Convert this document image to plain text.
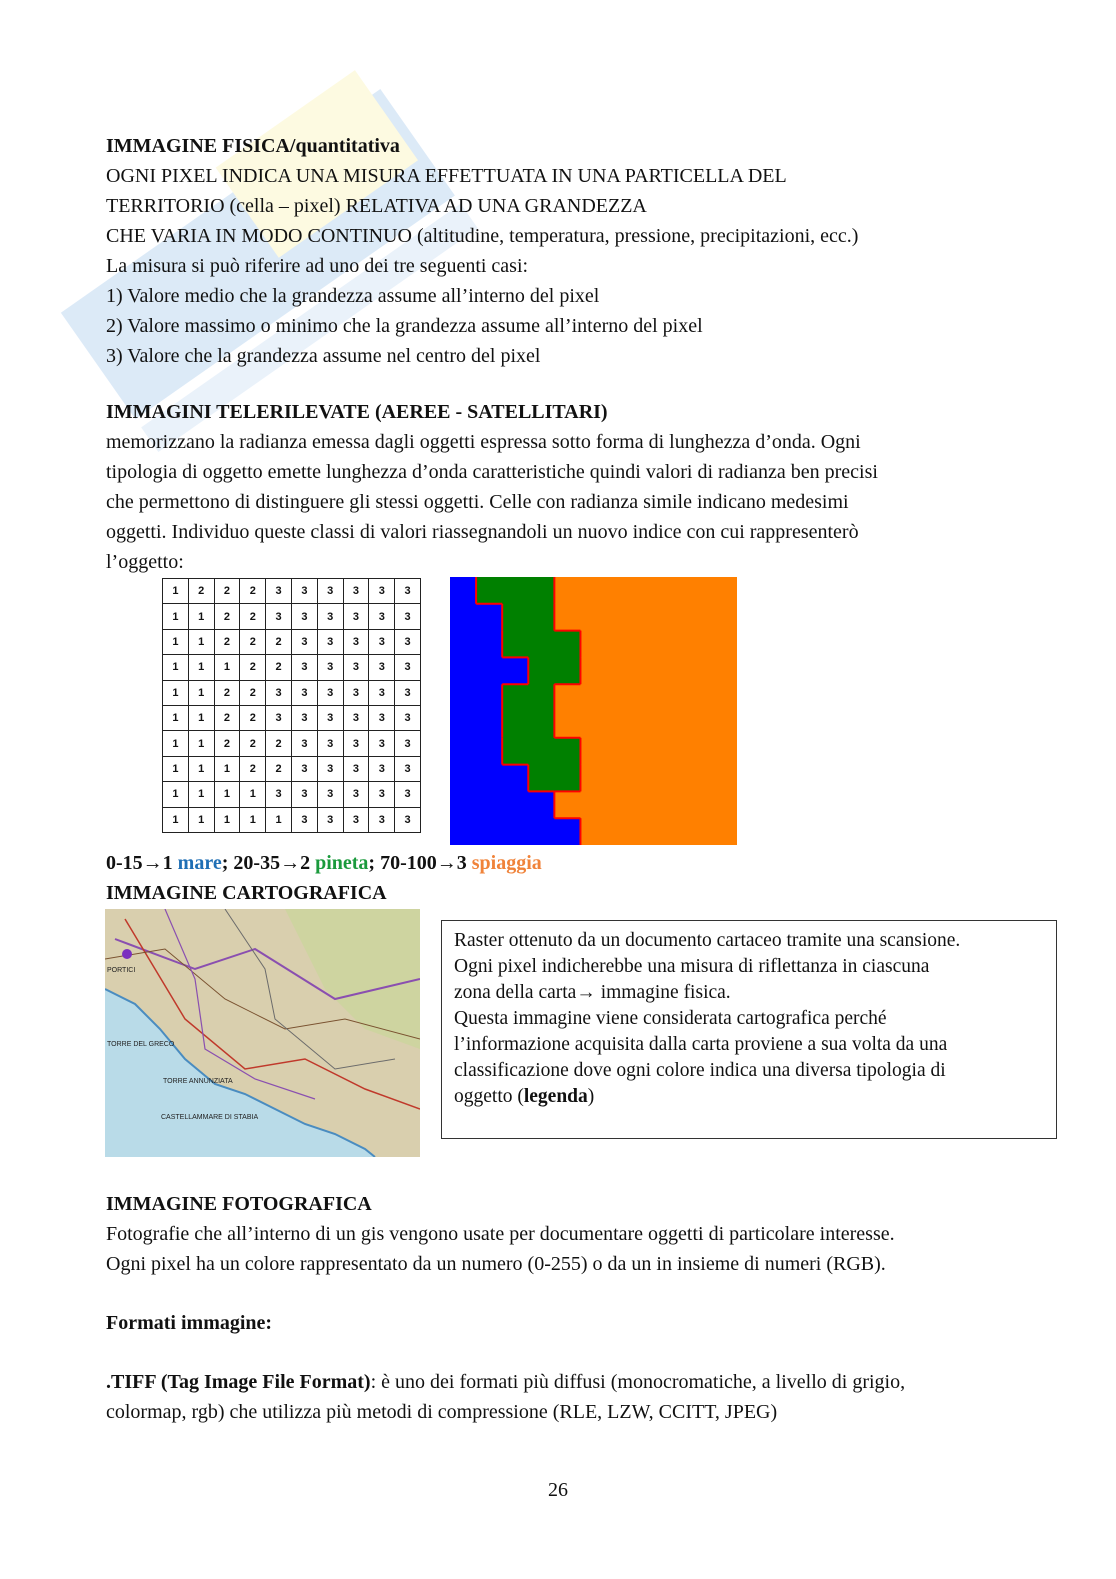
IMMAGINE FISICA/quantitativa
OGNI PIXEL INDICA UNA MISURA EFFETTUATA IN UNA PARTICELLA DEL
TERRITORIO (cella – pixel) RELATIVA AD UNA GRANDEZZA
CHE VARIA IN MODO CONTINUO (altitudine, temperatura, pressione, precipitazioni, ecc.)
La misura si può riferire ad uno dei tre seguenti casi:
1) Valore medio che la grandezza assume all’interno del pixel
2) Valore massimo o minimo che la grandezza assume all’interno del pixel
3) Valore che la grandezza assume nel centro del pixel
IMMAGINI TELERILEVATE (AEREE - SATELLITARI)
memorizzano la radianza emessa dagli oggetti espressa sotto forma di lunghezza d’onda. Ogni
tipologia di oggetto emette lunghezza d’onda caratteristiche quindi valori di radianza ben precisi
che permettono di distinguere gli stessi oggetti. Celle con radianza simile indicano medesimi
oggetti. Individuo queste classi di valori riassegnandoli un nuovo indice con cui rappresenterò
l’oggetto:
1	2	2	2	3	3	3	3	3	3
1	1	2	2	3	3	3	3	3	3
1	1	2	2	2	3	3	3	3	3
1	1	1	2	2	3	3	3	3	3
1	1	2	2	3	3	3	3	3	3
1	1	2	2	3	3	3	3	3	3
1	1	2	2	2	3	3	3	3	3
1	1	1	2	2	3	3	3	3	3
1	1	1	1	3	3	3	3	3	3
1	1	1	1	1	3	3	3	3	3
0-15→1 mare; 20-35→2 pineta; 70-100→3 spiaggia
IMMAGINE CARTOGRAFICA
PORTICI
TORRE DEL GRECO
TORRE ANNUNZIATA
CASTELLAMMARE DI STABIA
Raster ottenuto da un documento cartaceo tramite una scansione.
Ogni pixel indicherebbe una misura di riflettanza in ciascuna
zona della carta→ immagine fisica.
Questa immagine viene considerata cartografica perché
l’informazione acquisita dalla carta proviene a sua volta da una
classificazione dove ogni colore indica una diversa tipologia di
oggetto (legenda)
IMMAGINE FOTOGRAFICA
Fotografie che all’interno di un gis vengono usate per documentare oggetti di particolare interesse.
Ogni pixel ha un colore rappresentato da un numero (0-255) o da un in insieme di numeri (RGB).
Formati immagine:
.TIFF (Tag Image File Format): è uno dei formati più diffusi (monocromatiche, a livello di grigio,
colormap, rgb) che utilizza più metodi di compressione (RLE, LZW, CCITT, JPEG)
26
